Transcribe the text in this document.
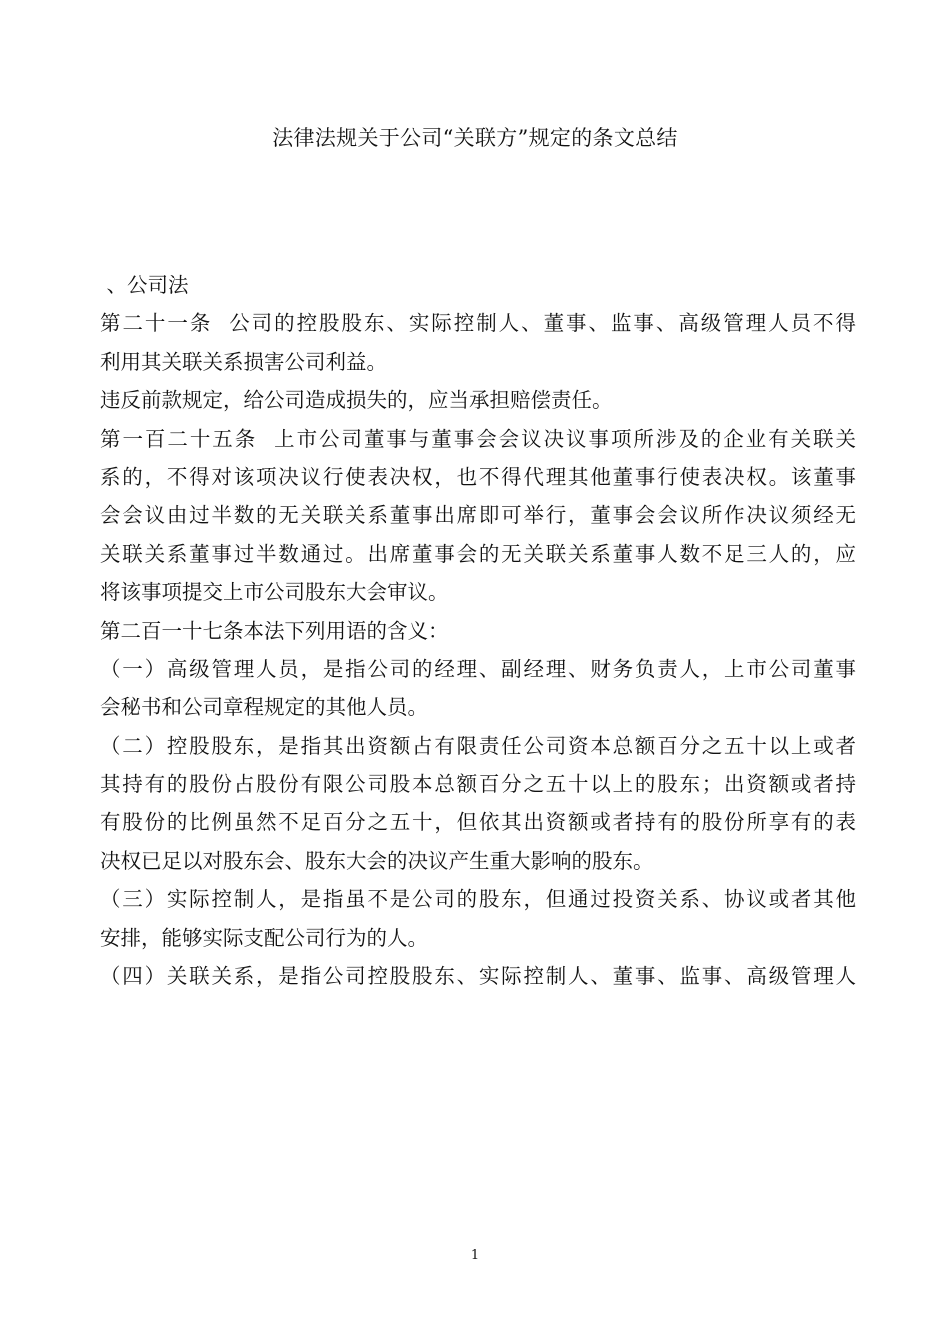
法律法规关于公司“关联方”规定的条文总结
、公司法
第二十一条  公司的控股股东、实际控制人、董事、监事、高级管理人员不得
利用其关联关系损害公司利益。
违反前款规定，给公司造成损失的，应当承担赔偿责任。
第一百二十五条  上市公司董事与董事会会议决议事项所涉及的企业有关联关
系的，不得对该项决议行使表决权，也不得代理其他董事行使表决权。该董事
会会议由过半数的无关联关系董事出席即可举行，董事会会议所作决议须经无
关联关系董事过半数通过。出席董事会的无关联关系董事人数不足三人的，应
将该事项提交上市公司股东大会审议。
第二百一十七条本法下列用语的含义：
（一）高级管理人员，是指公司的经理、副经理、财务负责人，上市公司董事
会秘书和公司章程规定的其他人员。
（二）控股股东，是指其出资额占有限责任公司资本总额百分之五十以上或者
其持有的股份占股份有限公司股本总额百分之五十以上的股东；出资额或者持
有股份的比例虽然不足百分之五十，但依其出资额或者持有的股份所享有的表
决权已足以对股东会、股东大会的决议产生重大影响的股东。
（三）实际控制人，是指虽不是公司的股东，但通过投资关系、协议或者其他
安排，能够实际支配公司行为的人。
（四）关联关系，是指公司控股股东、实际控制人、董事、监事、高级管理人
1
